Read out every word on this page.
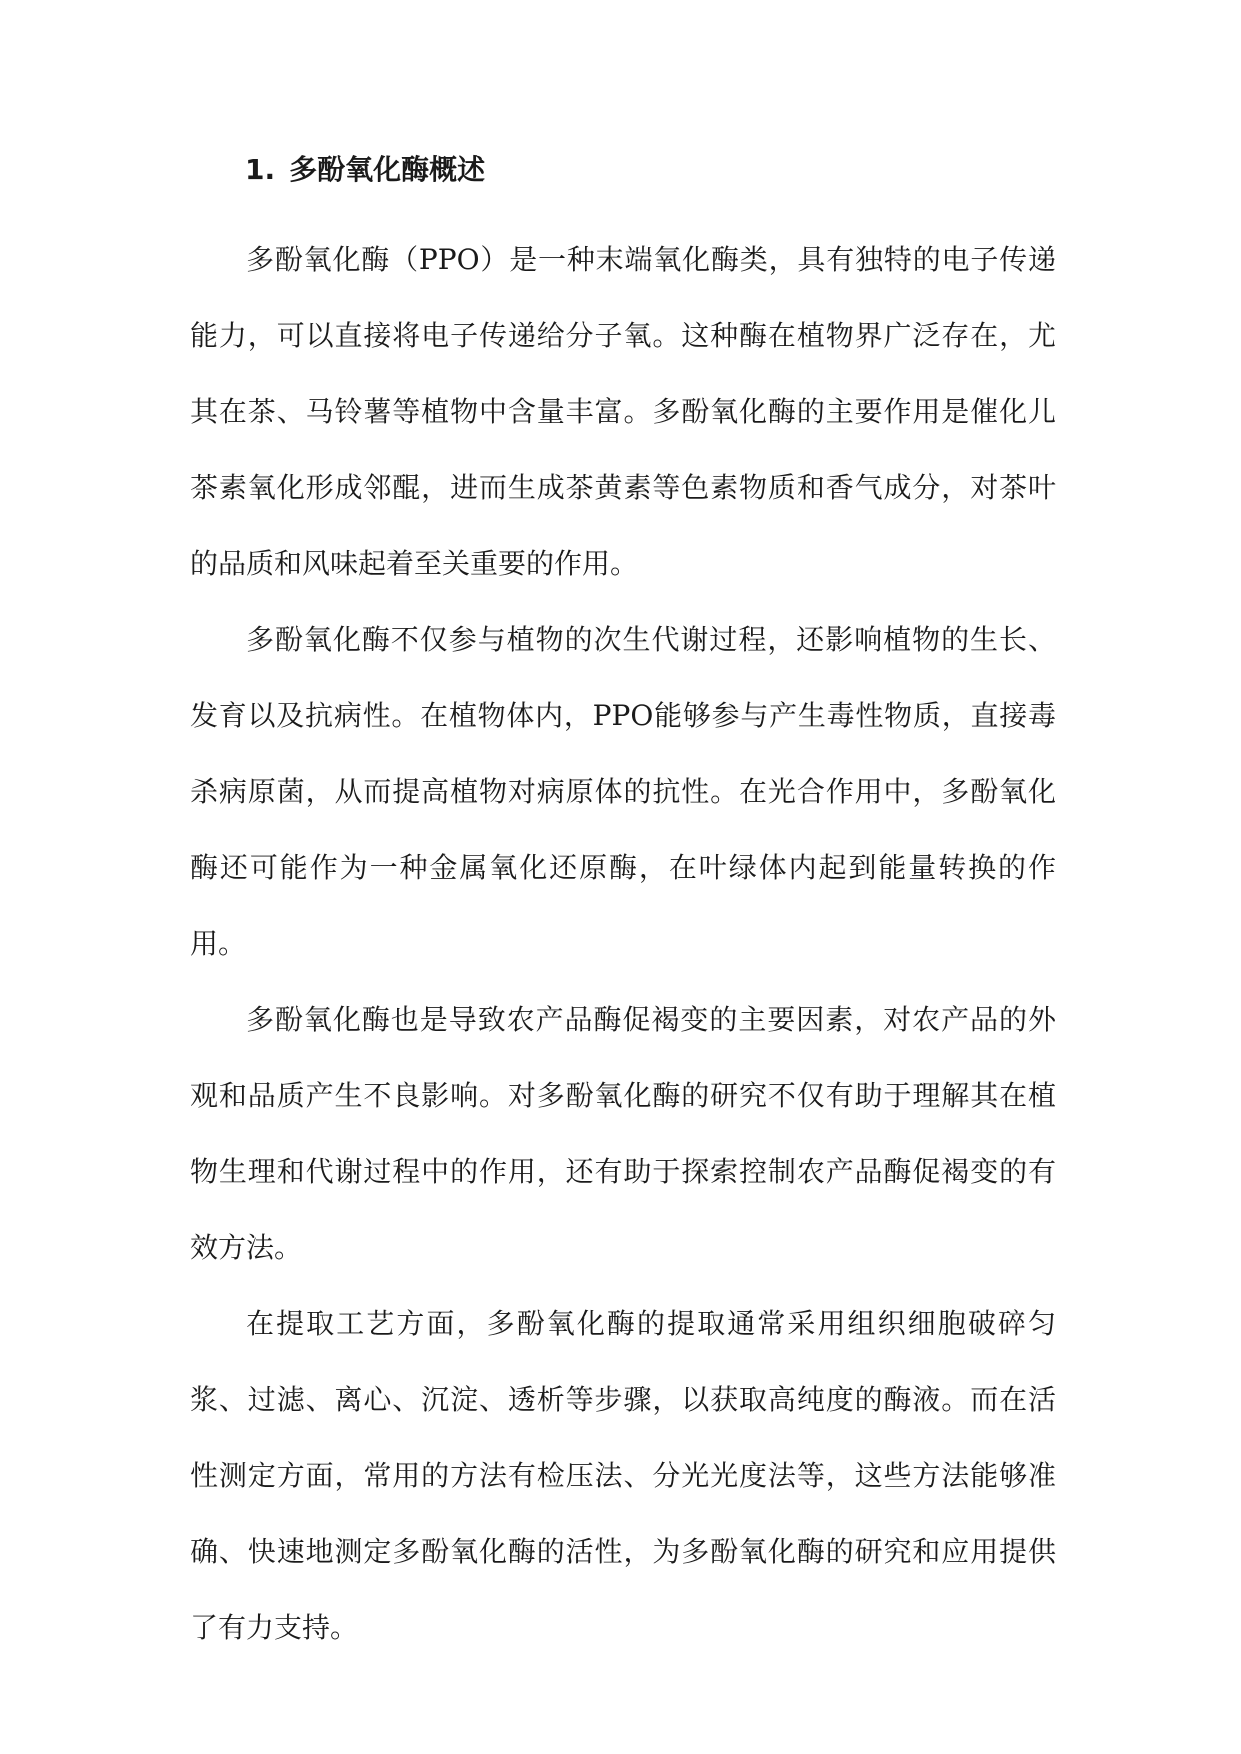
1. 多酚氧化酶概述

多酚氧化酶（PPO）是一种末端氧化酶类，具有独特的电子传递能力，可以直接将电子传递给分子氧。这种酶在植物界广泛存在，尤其在茶、马铃薯等植物中含量丰富。多酚氧化酶的主要作用是催化儿茶素氧化形成邻醌，进而生成茶黄素等色素物质和香气成分，对茶叶的品质和风味起着至关重要的作用。

多酚氧化酶不仅参与植物的次生代谢过程，还影响植物的生长、发育以及抗病性。在植物体内，PPO能够参与产生毒性物质，直接毒杀病原菌，从而提高植物对病原体的抗性。在光合作用中，多酚氧化酶还可能作为一种金属氧化还原酶，在叶绿体内起到能量转换的作用。

多酚氧化酶也是导致农产品酶促褐变的主要因素，对农产品的外观和品质产生不良影响。对多酚氧化酶的研究不仅有助于理解其在植物生理和代谢过程中的作用，还有助于探索控制农产品酶促褐变的有效方法。

在提取工艺方面，多酚氧化酶的提取通常采用组织细胞破碎匀浆、过滤、离心、沉淀、透析等步骤，以获取高纯度的酶液。而在活性测定方面，常用的方法有检压法、分光光度法等，这些方法能够准确、快速地测定多酚氧化酶的活性，为多酚氧化酶的研究和应用提供了有力支持。
